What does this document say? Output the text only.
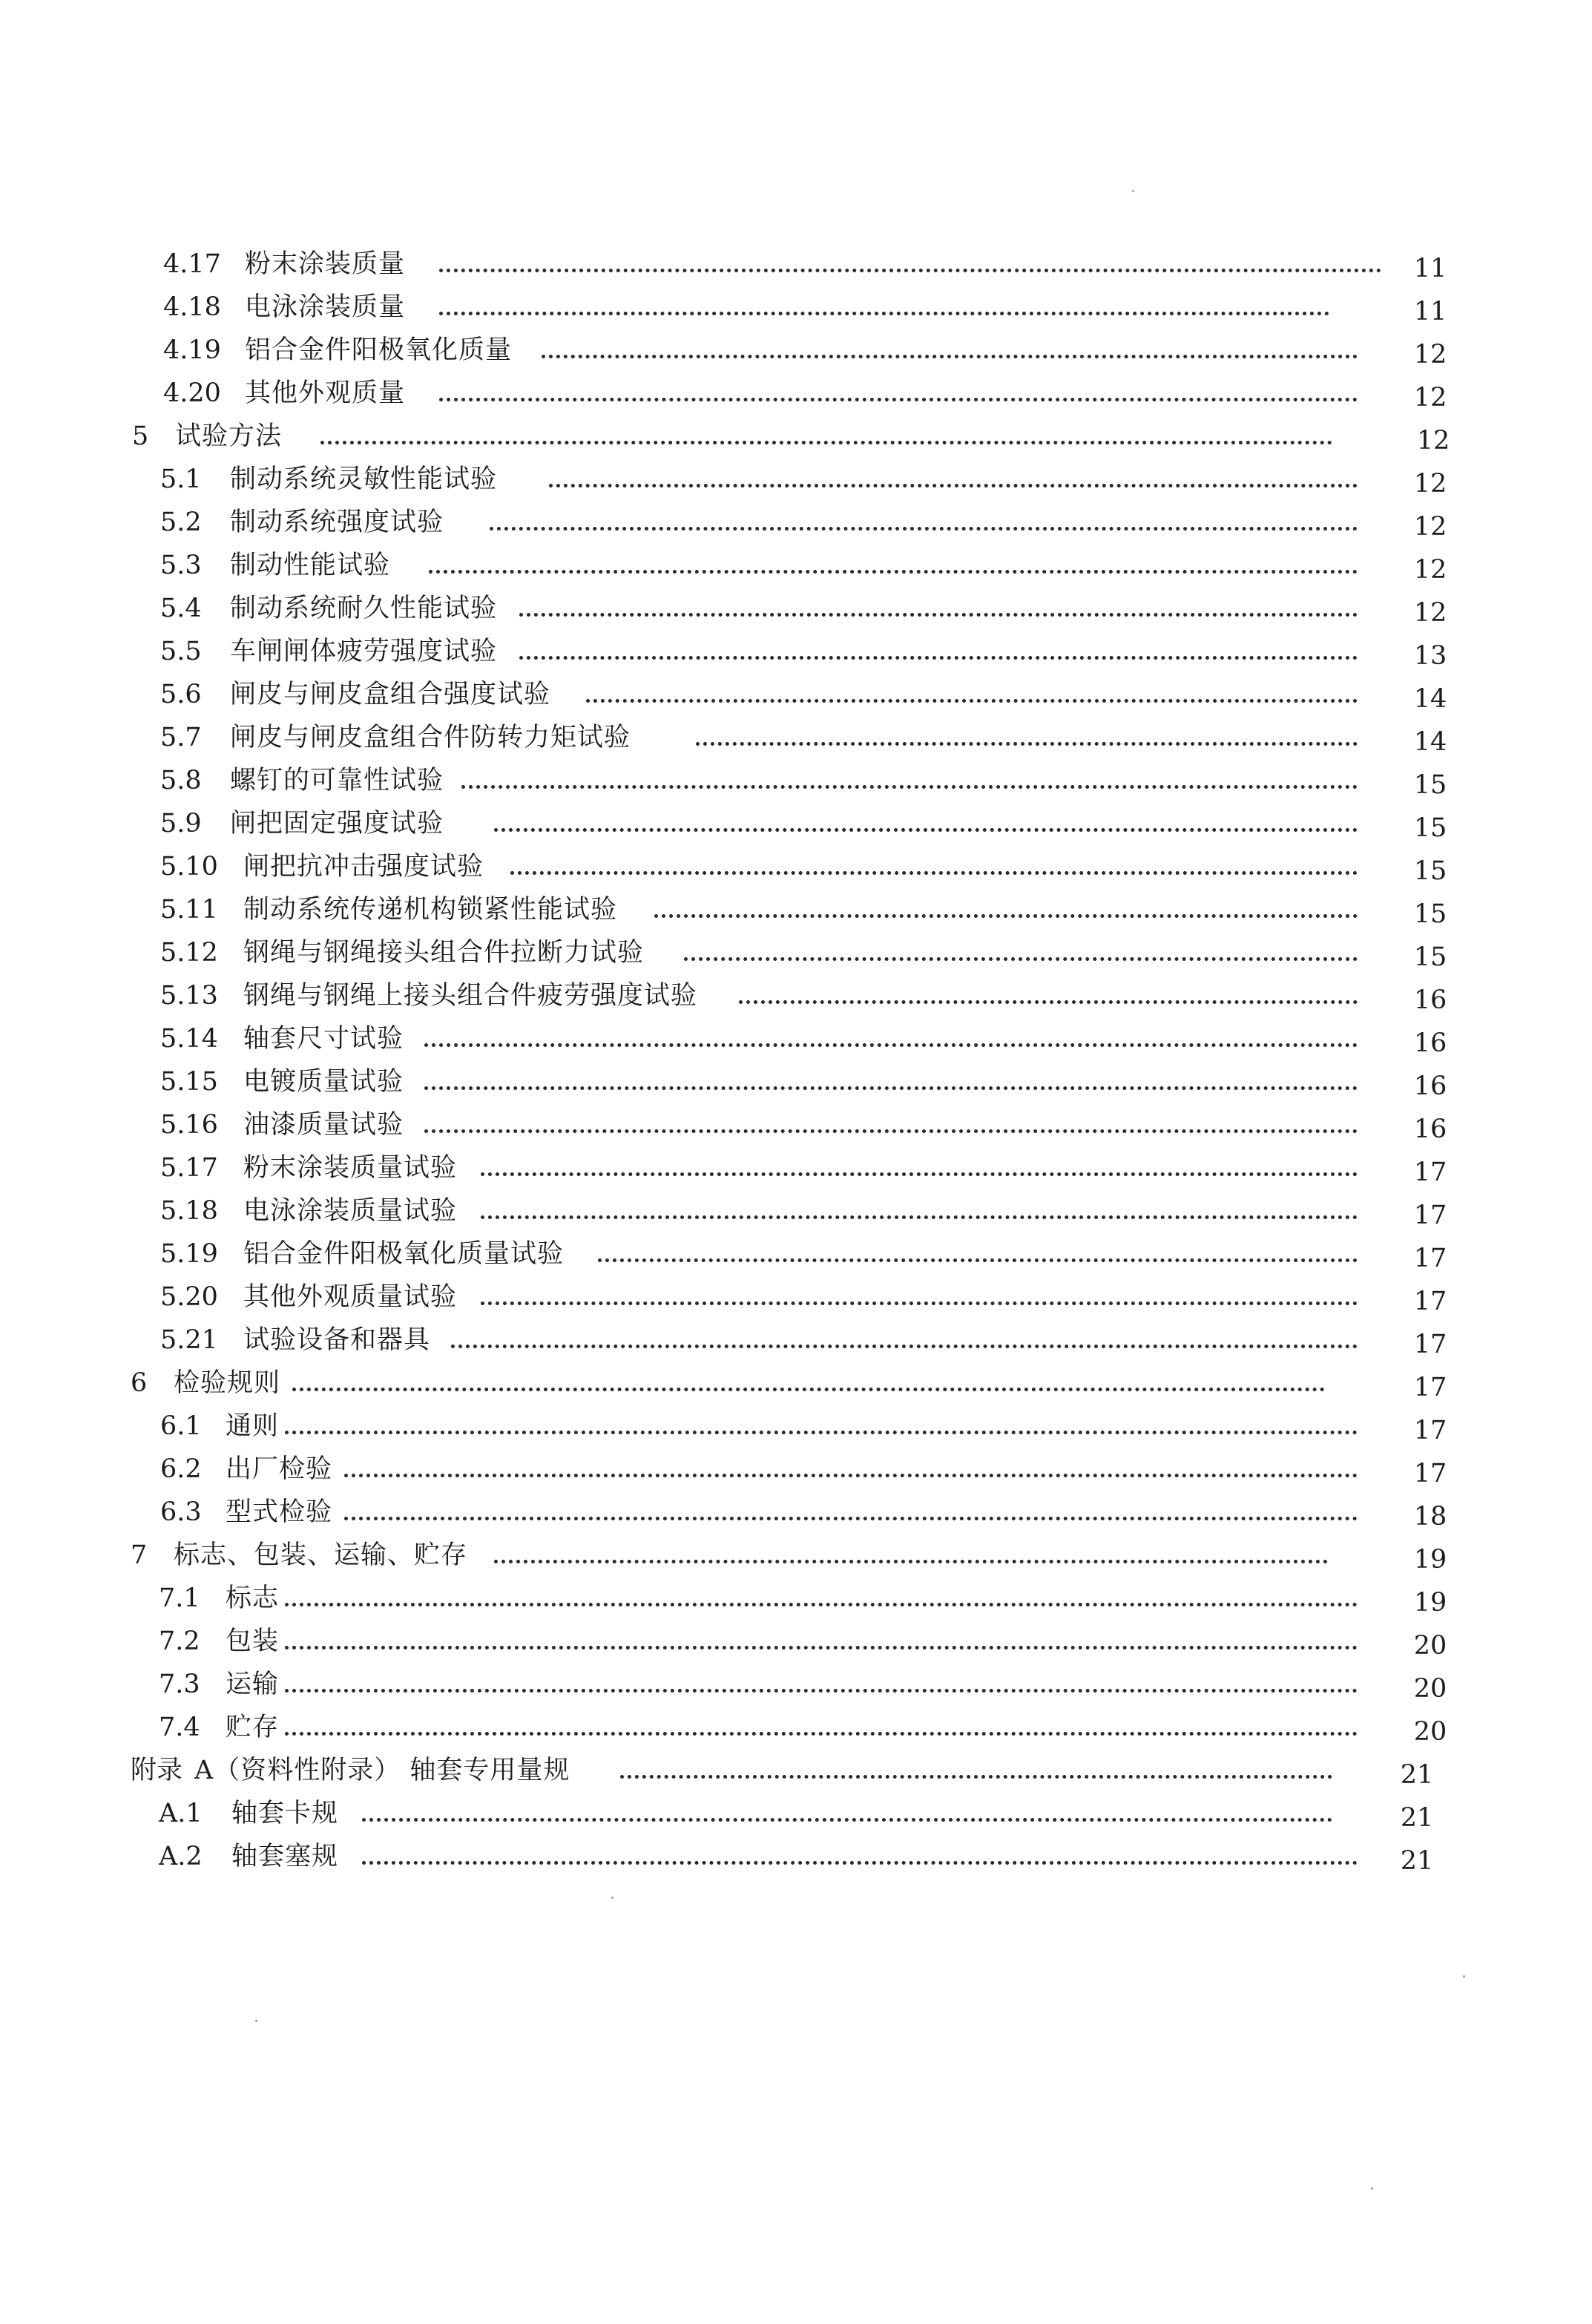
4.17 粉末涂装质量	11
4.18 电泳涂装质量	11
4.19 铝合金件阳极氧化质量	12
4.20 其他外观质量	12
5 试验方法	12
5.1 制动系统灵敏性能试验	12
5.2 制动系统强度试验	12
5.3 制动性能试验	12
5.4 制动系统耐久性能试验	12
5.5 车闸闸体疲劳强度试验	13
5.6 闸皮与闸皮盒组合强度试验	14
5.7 闸皮与闸皮盒组合件防转力矩试验	14
5.8 螺钉的可靠性试验	15
5.9 闸把固定强度试验	15
5.10 闸把抗冲击强度试验	15
5.11 制动系统传递机构锁紧性能试验	15
5.12 钢绳与钢绳接头组合件拉断力试验	15
5.13 钢绳与钢绳上接头组合件疲劳强度试验	16
5.14 轴套尺寸试验	16
5.15 电镀质量试验	16
5.16 油漆质量试验	16
5.17 粉末涂装质量试验	17
5.18 电泳涂装质量试验	17
5.19 铝合金件阳极氧化质量试验	17
5.20 其他外观质量试验	17
5.21 试验设备和器具	17
6 检验规则	17
6.1 通则	17
6.2 出厂检验	17
6.3 型式检验	18
7 标志、包装、运输、贮存	19
7.1 标志	19
7.2 包装	20
7.3 运输	20
7.4 贮存	20
附录 A（资料性附录） 轴套专用量规	21
A.1 轴套卡规	21
A.2 轴套塞规	21
